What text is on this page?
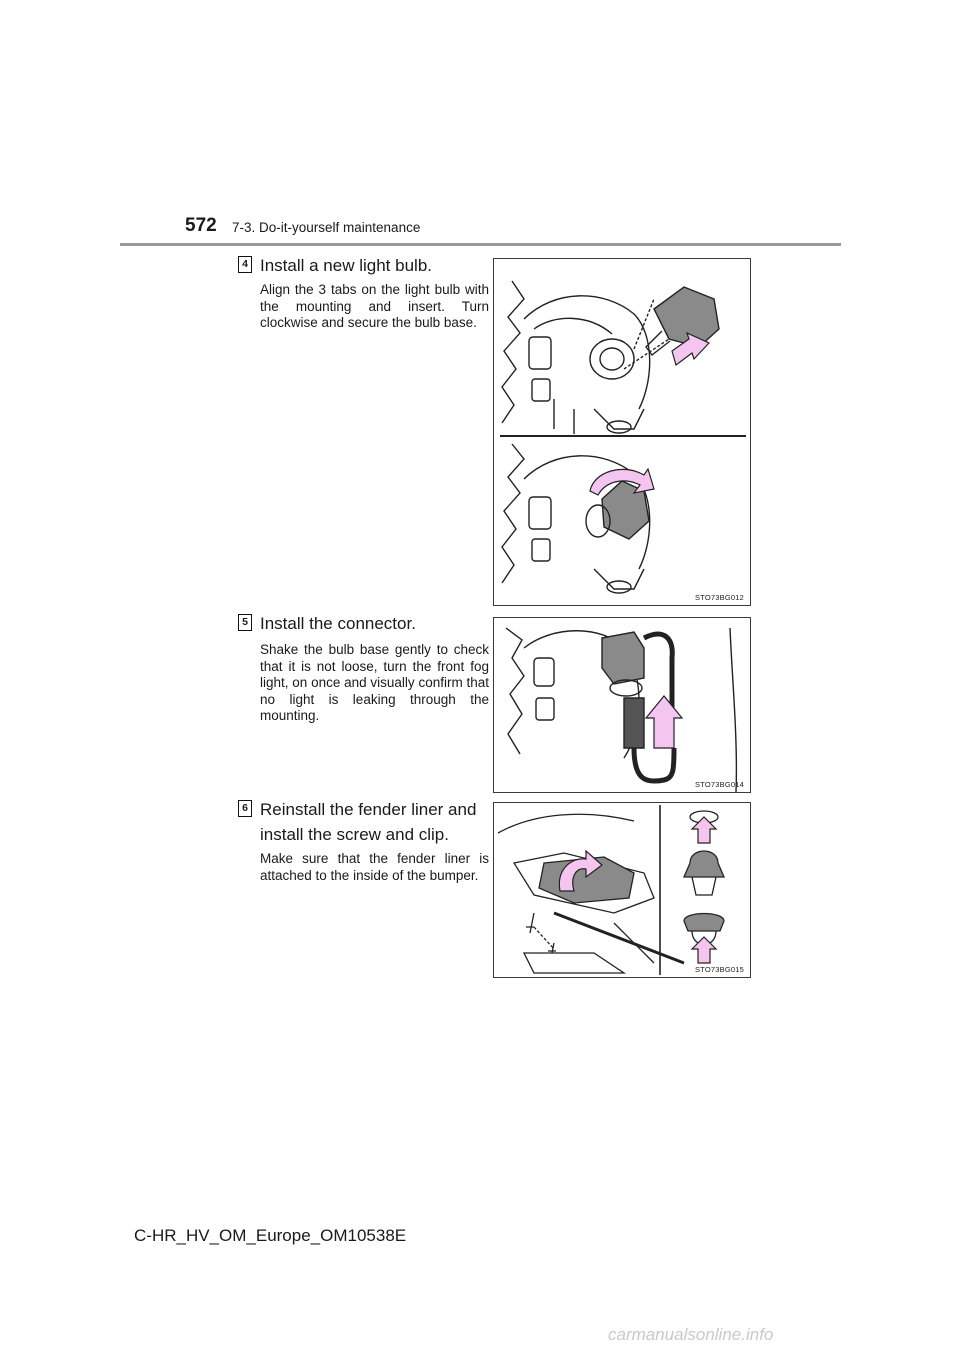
572 7-3. Do-it-yourself maintenance
4 Install a new light bulb.
Align the 3 tabs on the light bulb with the mounting and insert. Turn clockwise and secure the bulb base.
STO73BG012
5 Install the connector.
Shake the bulb base gently to check that it is not loose, turn the front fog light, on once and visually confirm that no light is leaking through the mounting.
STO73BG014
6 Reinstall the fender liner and install the screw and clip.
Make sure that the fender liner is attached to the inside of the bumper.
STO73BG015
C-HR_HV_OM_Europe_OM10538E
carmanualsonline.info
